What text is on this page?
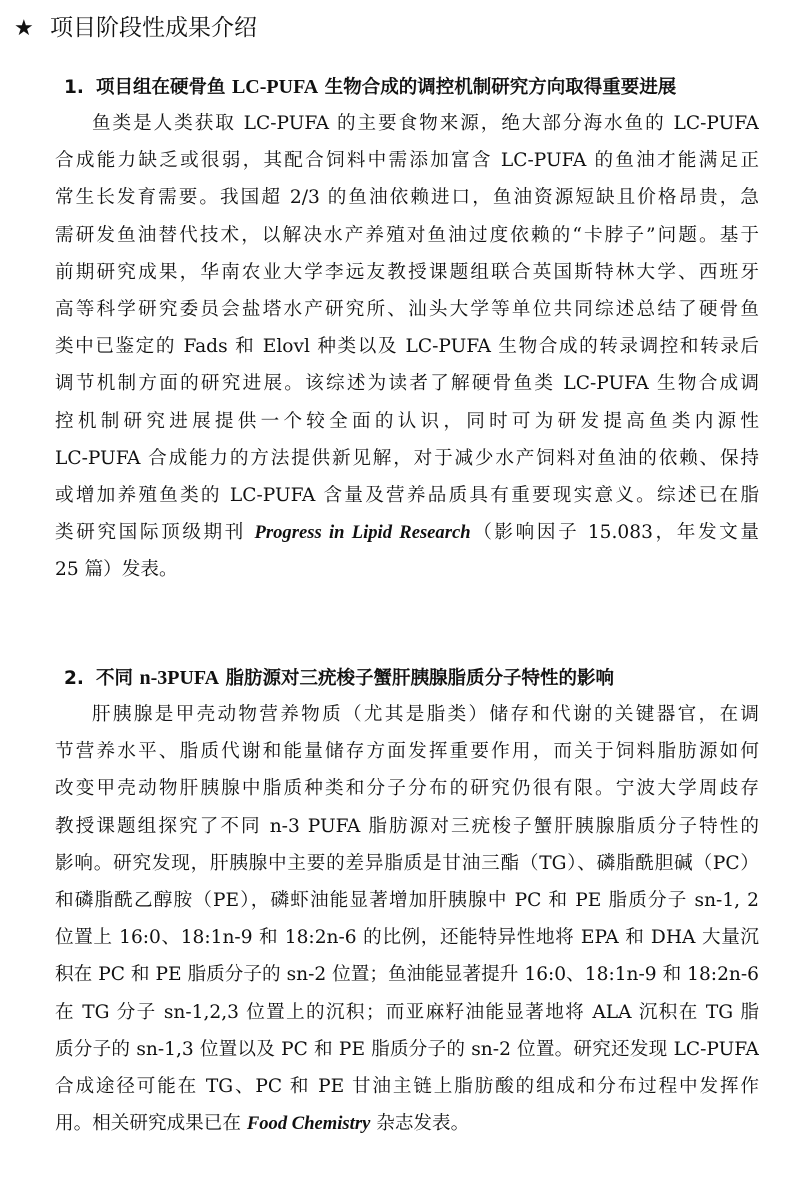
★ 项目阶段性成果介绍
1. 项目组在硬骨鱼 LC-PUFA 生物合成的调控机制研究方向取得重要进展
鱼类是人类获取 LC-PUFA 的主要食物来源，绝大部分海水鱼的 LC-PUFA
合成能力缺乏或很弱，其配合饲料中需添加富含 LC-PUFA 的鱼油才能满足正
常生长发育需要。我国超 2/3 的鱼油依赖进口，鱼油资源短缺且价格昂贵，急
需研发鱼油替代技术，以解决水产养殖对鱼油过度依赖的“卡脖子”问题。基于
前期研究成果，华南农业大学李远友教授课题组联合英国斯特林大学、西班牙
高等科学研究委员会盐塔水产研究所、汕头大学等单位共同综述总结了硬骨鱼
类中已鉴定的 Fads 和 Elovl 种类以及 LC-PUFA 生物合成的转录调控和转录后
调节机制方面的研究进展。该综述为读者了解硬骨鱼类 LC-PUFA 生物合成调
控机制研究进展提供一个较全面的认识，同时可为研发提高鱼类内源性
LC-PUFA 合成能力的方法提供新见解，对于减少水产饲料对鱼油的依赖、保持
或增加养殖鱼类的 LC-PUFA 含量及营养品质具有重要现实意义。综述已在脂
类研究国际顶级期刊 Progress in Lipid Research（影响因子 15.083，年发文量
25 篇）发表。
2. 不同 n-3PUFA 脂肪源对三疣梭子蟹肝胰腺脂质分子特性的影响
肝胰腺是甲壳动物营养物质（尤其是脂类）储存和代谢的关键器官，在调
节营养水平、脂质代谢和能量储存方面发挥重要作用，而关于饲料脂肪源如何
改变甲壳动物肝胰腺中脂质种类和分子分布的研究仍很有限。宁波大学周歧存
教授课题组探究了不同 n-3 PUFA 脂肪源对三疣梭子蟹肝胰腺脂质分子特性的
影响。研究发现，肝胰腺中主要的差异脂质是甘油三酯（TG）、磷脂酰胆碱（PC）
和磷脂酰乙醇胺（PE），磷虾油能显著增加肝胰腺中 PC 和 PE 脂质分子 sn-1, 2
位置上 16:0、18:1n-9 和 18:2n-6 的比例，还能特异性地将 EPA 和 DHA 大量沉
积在 PC 和 PE 脂质分子的 sn-2 位置；鱼油能显著提升 16:0、18:1n-9 和 18:2n-6
在 TG 分子 sn-1,2,3 位置上的沉积；而亚麻籽油能显著地将 ALA 沉积在 TG 脂
质分子的 sn-1,3 位置以及 PC 和 PE 脂质分子的 sn-2 位置。研究还发现 LC-PUFA
合成途径可能在 TG、PC 和 PE 甘油主链上脂肪酸的组成和分布过程中发挥作
用。相关研究成果已在 Food Chemistry 杂志发表。
